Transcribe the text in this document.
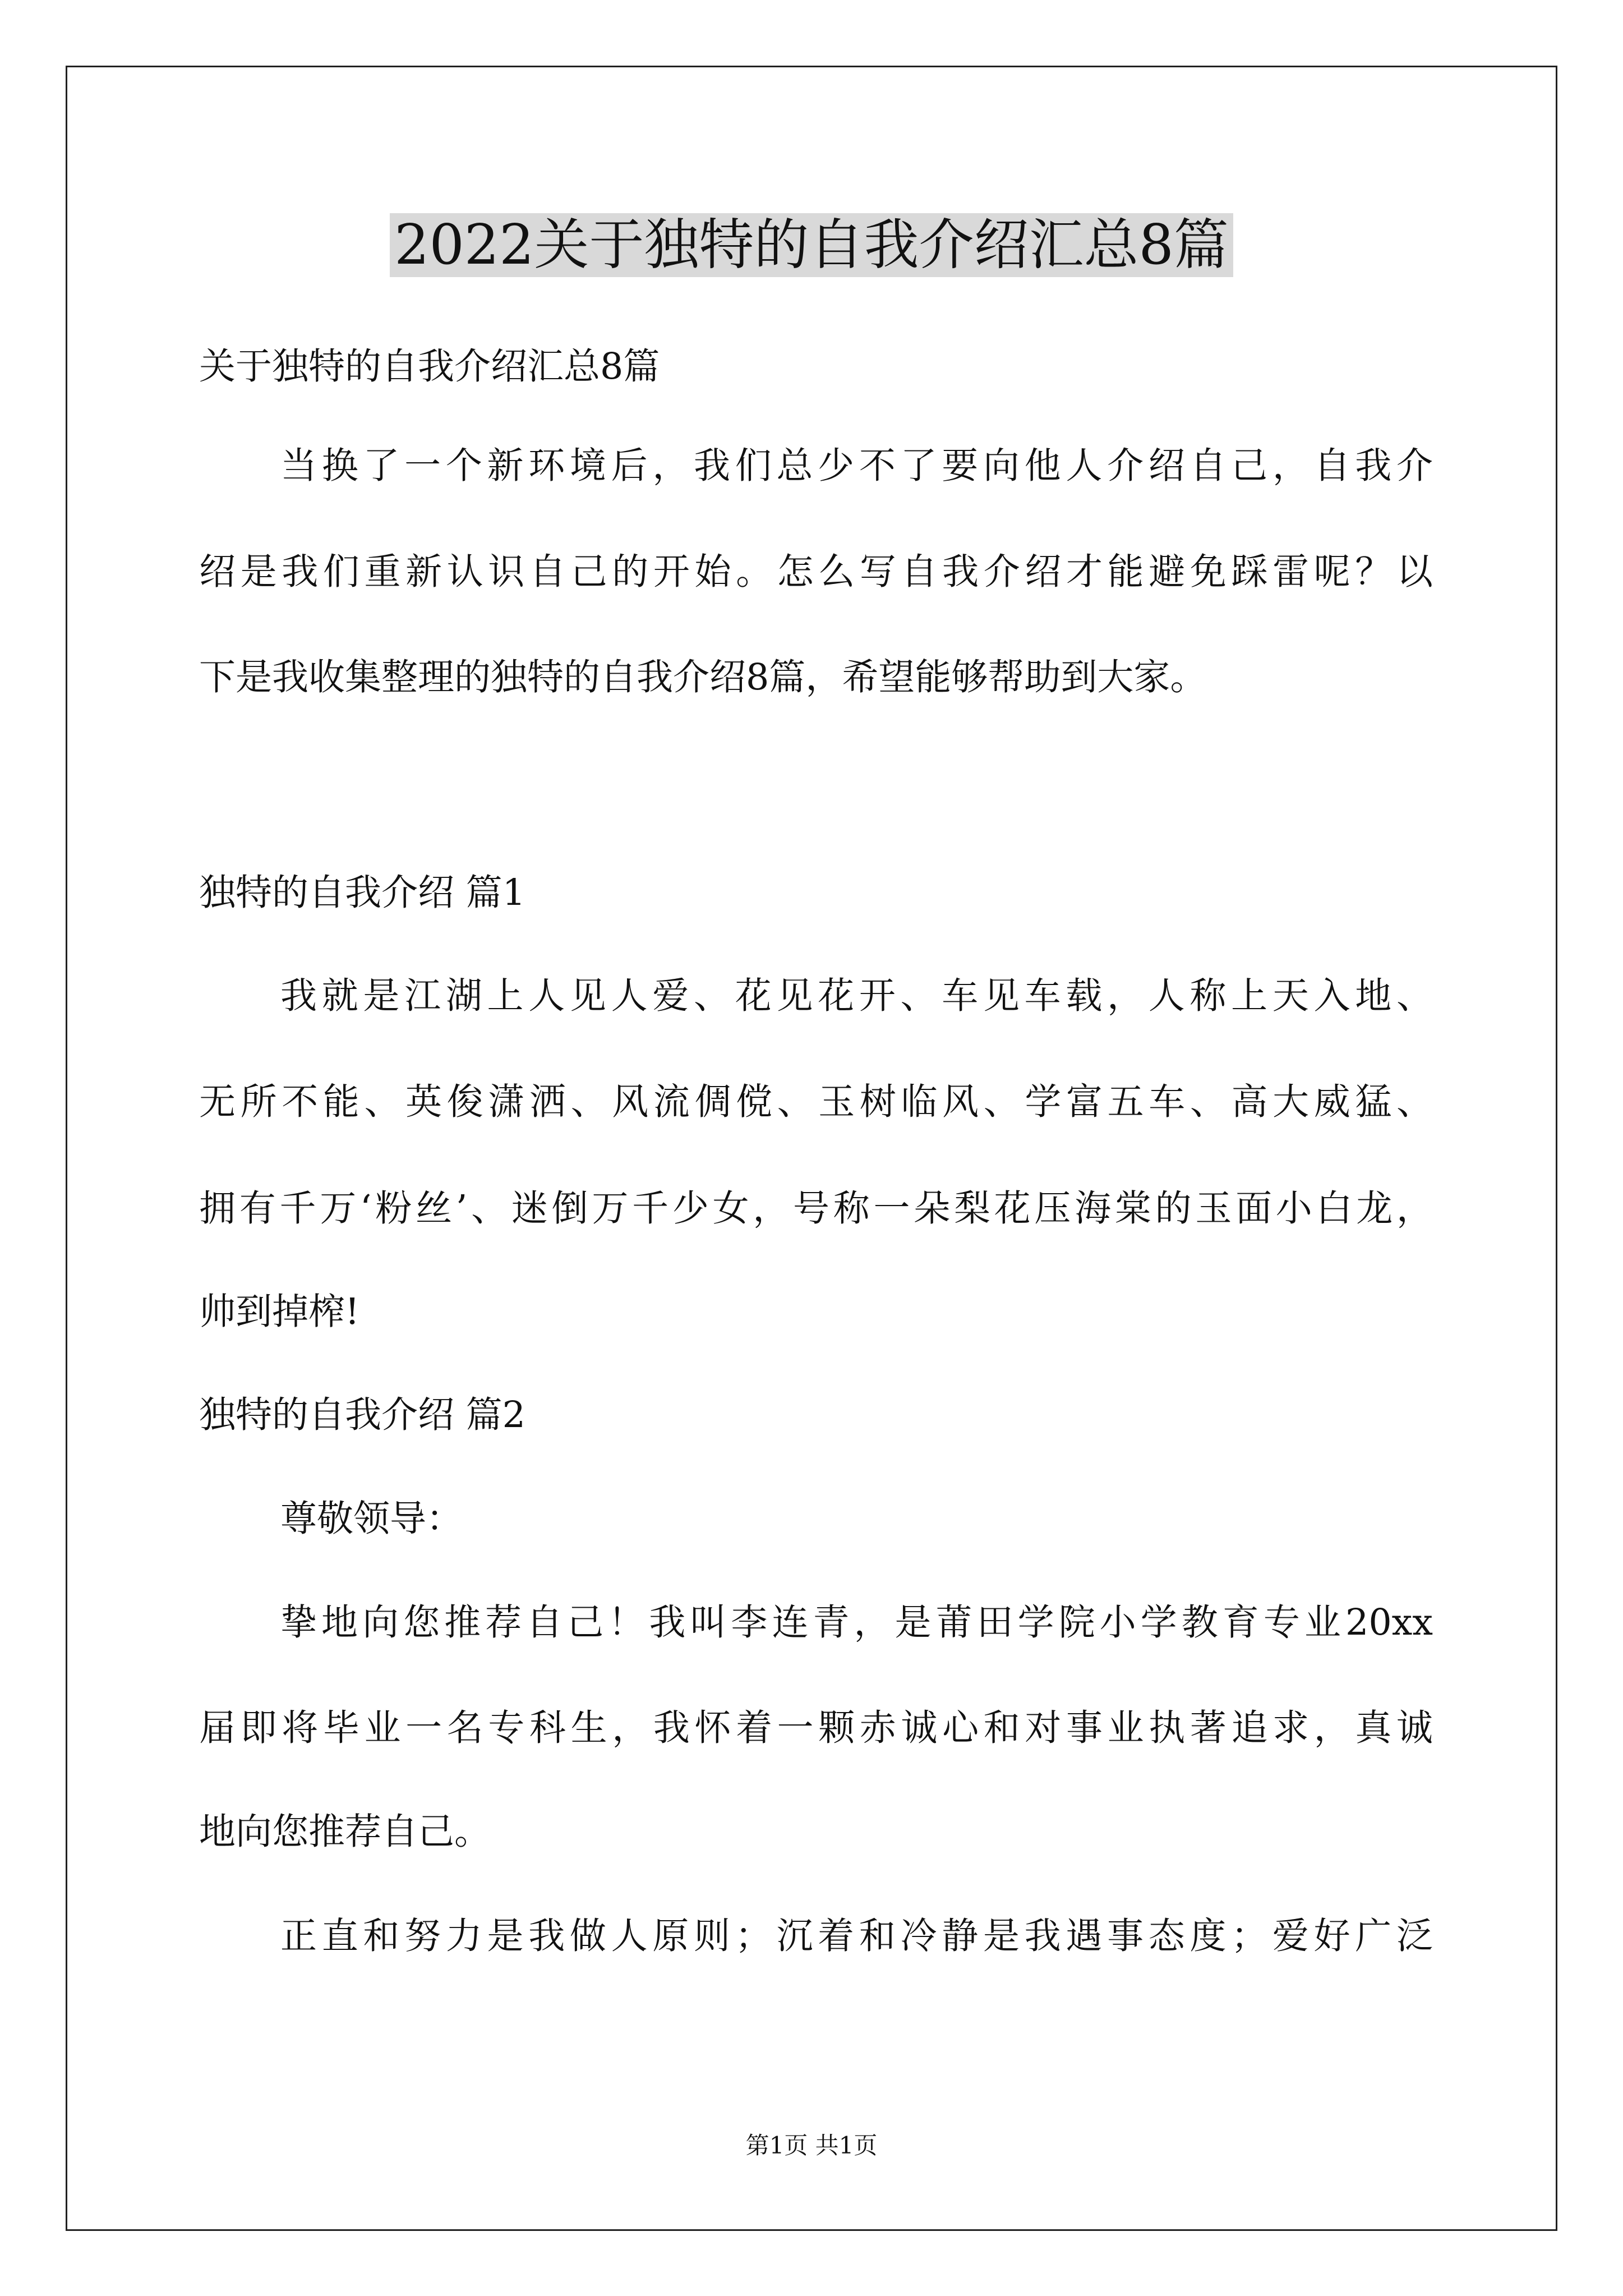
2022关于独特的自我介绍汇总8篇
关于独特的自我介绍汇总8篇
当换了一个新环境后，我们总少不了要向他人介绍自己，自我介
绍是我们重新认识自己的开始。怎么写自我介绍才能避免踩雷呢？以
下是我收集整理的独特的自我介绍8篇，希望能够帮助到大家。
独特的自我介绍 篇1
我就是江湖上人见人爱、花见花开、车见车载，人称上天入地、
无所不能、英俊潇洒、风流倜傥、玉树临风、学富五车、高大威猛、
拥有千万‘粉丝’、迷倒万千少女，号称一朵梨花压海棠的玉面小白龙，
帅到掉榨!
独特的自我介绍 篇2
尊敬领导：
挚地向您推荐自己！我叫李连青，是莆田学院小学教育专业20xx
届即将毕业一名专科生，我怀着一颗赤诚心和对事业执著追求，真诚
地向您推荐自己。
正直和努力是我做人原则；沉着和冷静是我遇事态度；爱好广泛
第1页 共1页
